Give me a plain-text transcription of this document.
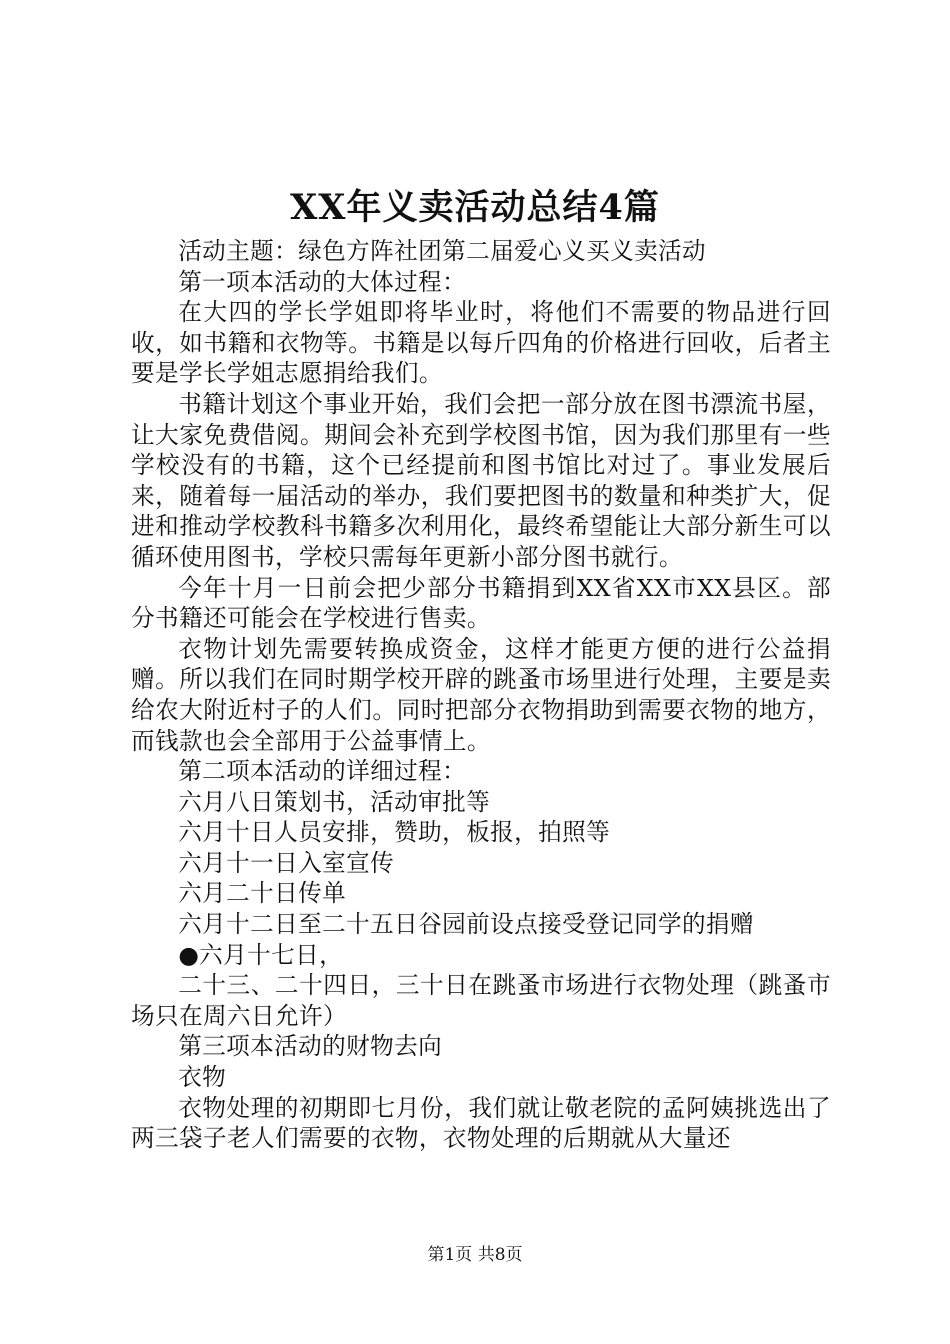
XX年义卖活动总结4篇

活动主题：绿色方阵社团第二届爱心义买义卖活动

第一项本活动的大体过程：

在大四的学长学姐即将毕业时，将他们不需要的物品进行回收，如书籍和衣物等。书籍是以每斤四角的价格进行回收，后者主要是学长学姐志愿捐给我们。

书籍计划这个事业开始，我们会把一部分放在图书漂流书屋，让大家免费借阅。期间会补充到学校图书馆，因为我们那里有一些学校没有的书籍，这个已经提前和图书馆比对过了。事业发展后来，随着每一届活动的举办，我们要把图书的数量和种类扩大，促进和推动学校教科书籍多次利用化，最终希望能让大部分新生可以循环使用图书，学校只需每年更新小部分图书就行。

今年十月一日前会把少部分书籍捐到XX省XX市XX县区。部分书籍还可能会在学校进行售卖。

衣物计划先需要转换成资金，这样才能更方便的进行公益捐赠。所以我们在同时期学校开辟的跳蚤市场里进行处理，主要是卖给农大附近村子的人们。同时把部分衣物捐助到需要衣物的地方，而钱款也会全部用于公益事情上。

第二项本活动的详细过程：

六月八日策划书，活动审批等

六月十日人员安排，赞助，板报，拍照等

六月十一日入室宣传

六月二十日传单

六月十二日至二十五日谷园前设点接受登记同学的捐赠

●六月十七日，

二十三、二十四日，三十日在跳蚤市场进行衣物处理（跳蚤市场只在周六日允许）

第三项本活动的财物去向

衣物

衣物处理的初期即七月份，我们就让敬老院的孟阿姨挑选出了两三袋子老人们需要的衣物，衣物处理的后期就从大量还

第1页 共8页
